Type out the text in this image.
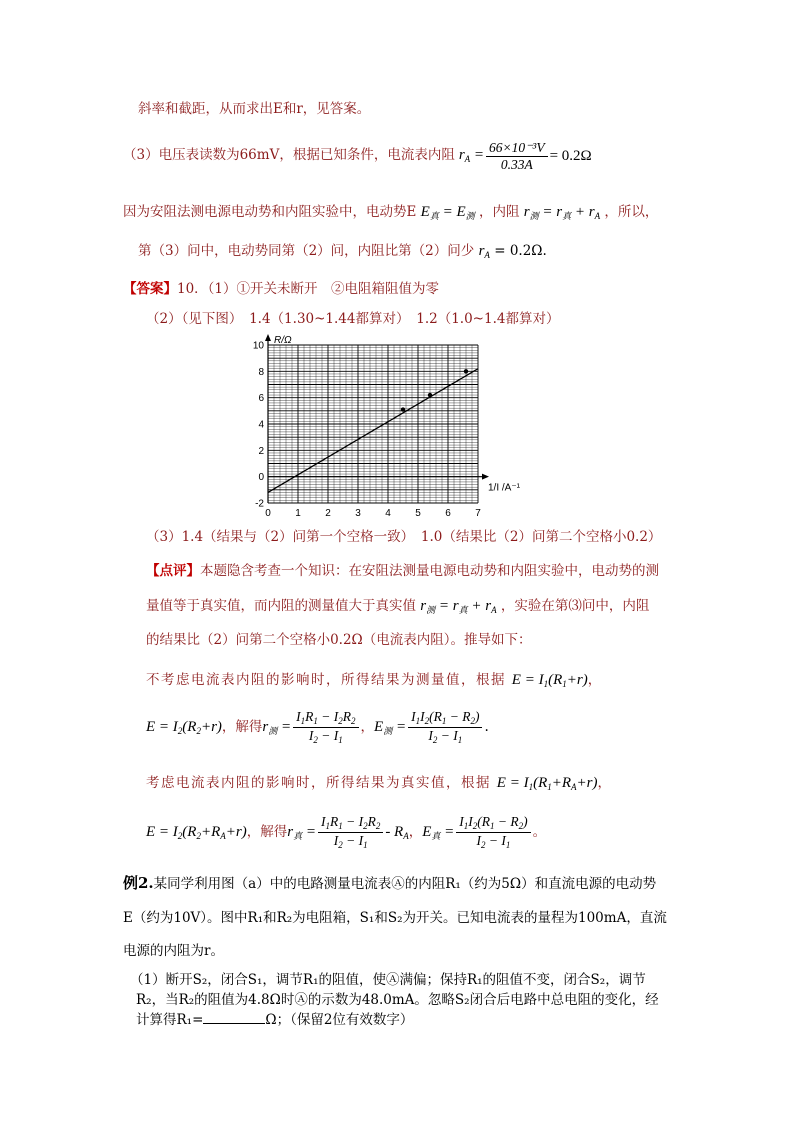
斜率和截距，从而求出E和r，见答案。
（3）电压表读数为66mV，根据已知条件，电流表内阻 $r_A = \frac{\text{66×10⁻³V}}{0.33A} = 0.2\Omega$
因为安阻法测电源电动势和内阻实验中，电动势E $E_真 = E_测$ ，内阻 $r_测 = r_真 + r_A$ ，所以，
第（3）问中，电动势同第（2）问，内阻比第（2）问少 $r_A = 0.2\Omega$.
【答案】10．（1）①开关未断开　②电阻箱阻值为零
（2）（见下图）　1.4（1.30~1.44都算对）　1.2（1.0~1.4都算对）
-2
0
2
4
6
8
10
0 1 2 3 4 5 6 7
R/Ω
1/I /A⁻¹
（3）1.4（结果与（2）问第一个空格一致）　1.0（结果比（2）问第二个空格小0.2）
【点评】本题隐含考查一个知识：在安阻法测量电源电动势和内阻实验中，电动势的测
量值等于真实值，而内阻的测量值大于真实值 $r_测 = r_真 + r_A$ ，实验在第⑶问中，内阻
的结果比（2）问第二个空格小0.2Ω（电流表内阻）。推导如下：
不考虑电流表内阻的影响时，所得结果为测量值，根据 $E = I_1(R_1+r)$，
$E = I_2(R_2+r)$ ，解得 $r_测 = \frac{I_1R_1 - I_2R_2}{I_2 - I_1}$ ， $E_测 = \frac{I_1I_2(R_1 - R_2)}{I_2 - I_1}$ .
考虑电流表内阻的影响时，所得结果为真实值，根据 $E = I_1(R_1+R_A+r)$，
$E = I_2(R_2+R_A+r)$ ，解得 $r_真 = \frac{I_1R_1 - I_2R_2}{I_2 - I_1} - R_A$ ， $E_真 = \frac{I_1I_2(R_1 - R_2)}{I_2 - I_1}$ 。
例2.某同学利用图（a）中的电路测量电流表Ⓐ的内阻R₁（约为5Ω）和直流电源的电动势
E（约为10V）。图中R₁和R₂为电阻箱，S₁和S₂为开关。已知电流表的量程为100mA，直流
电源的内阻为r。
（1）断开S₂，闭合S₁，调节R₁的阻值，使Ⓐ满偏；保持R₁的阻值不变，闭合S₂，调节
R₂，当R₂的阻值为4.8Ω时Ⓐ的示数为48.0mA。忽略S₂闭合后电路中总电阻的变化，经
计算得R₁=	Ω；（保留2位有效数字）
